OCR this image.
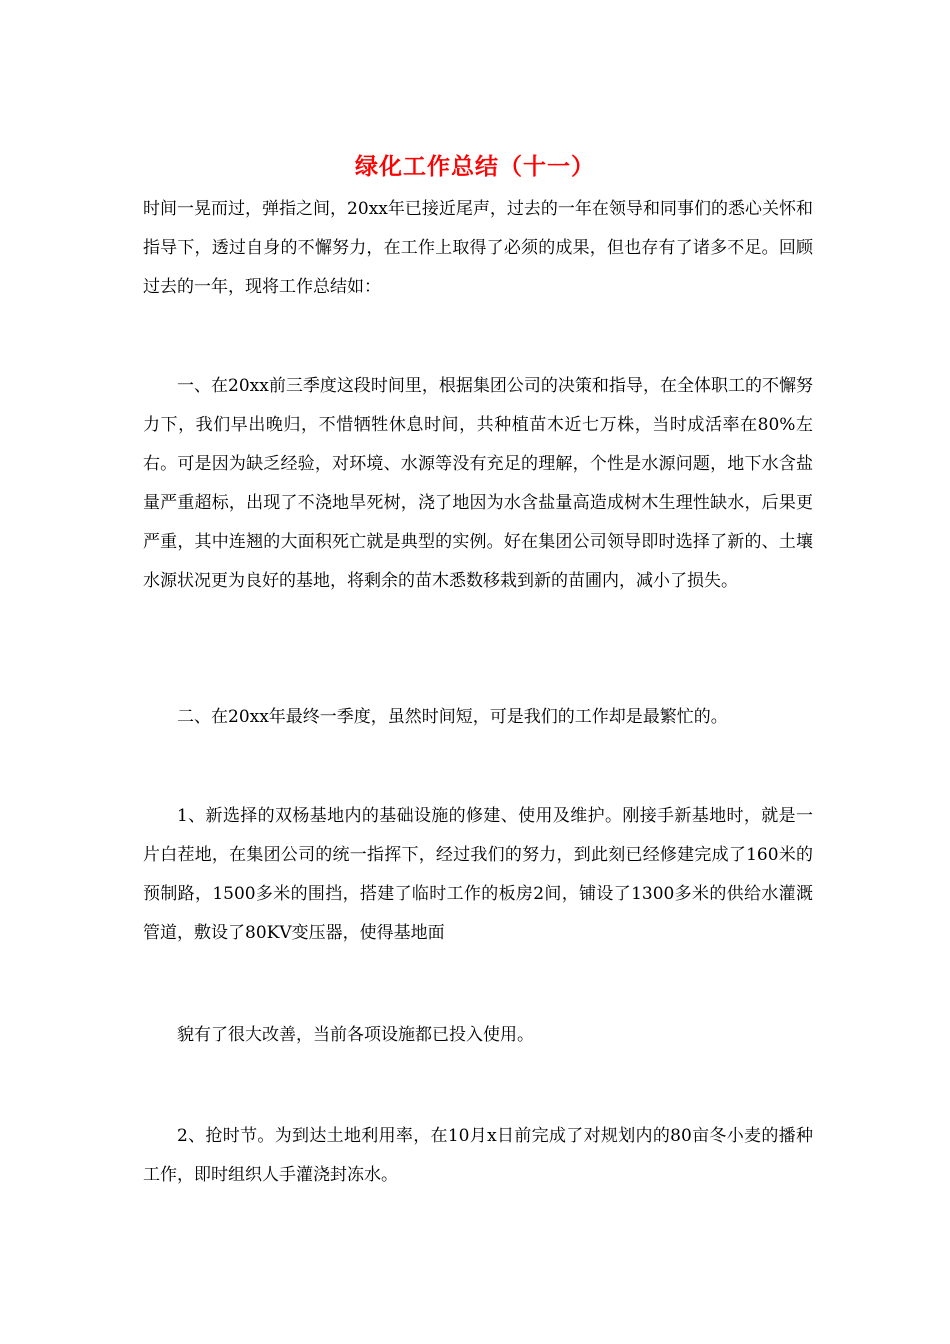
绿化工作总结（十一）

时间一晃而过，弹指之间，20xx年已接近尾声，过去的一年在领导和同事们的悉心关怀和指导下，透过自身的不懈努力，在工作上取得了必须的成果，但也存有了诸多不足。回顾过去的一年，现将工作总结如：

一、在20xx前三季度这段时间里，根据集团公司的决策和指导，在全体职工的不懈努力下，我们早出晚归，不惜牺牲休息时间，共种植苗木近七万株，当时成活率在80%左右。可是因为缺乏经验，对环境、水源等没有充足的理解，个性是水源问题，地下水含盐量严重超标，出现了不浇地旱死树，浇了地因为水含盐量高造成树木生理性缺水，后果更严重，其中连翘的大面积死亡就是典型的实例。好在集团公司领导即时选择了新的、土壤水源状况更为良好的基地，将剩余的苗木悉数移栽到新的苗圃内，减小了损失。

二、在20xx年最终一季度，虽然时间短，可是我们的工作却是最繁忙的。

1、新选择的双杨基地内的基础设施的修建、使用及维护。刚接手新基地时，就是一片白茬地，在集团公司的统一指挥下，经过我们的努力，到此刻已经修建完成了160米的预制路，1500多米的围挡，搭建了临时工作的板房2间，铺设了1300多米的供给水灌溉管道，敷设了80KV变压器，使得基地面

貌有了很大改善，当前各项设施都已投入使用。

2、抢时节。为到达土地利用率，在10月x日前完成了对规划内的80亩冬小麦的播种工作，即时组织人手灌浇封冻水。
